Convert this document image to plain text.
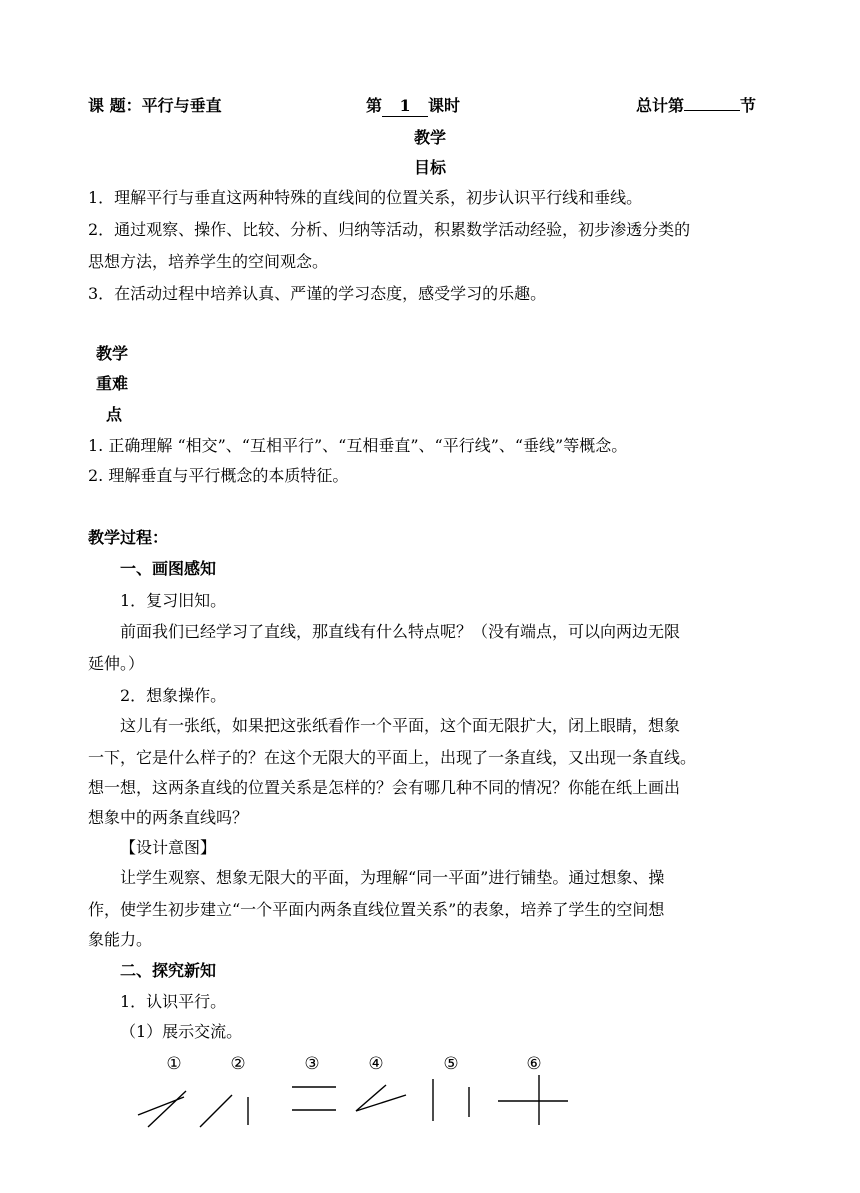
课 题：平行与垂直	第 1 课时	总计第	节
教学
目标
1．理解平行与垂直这两种特殊的直线间的位置关系，初步认识平行线和垂线。
2．通过观察、操作、比较、分析、归纳等活动，积累数学活动经验，初步渗透分类的
思想方法，培养学生的空间观念。
3．在活动过程中培养认真、严谨的学习态度，感受学习的乐趣。
教学
重难
点
1. 正确理解 “相交”、“互相平行”、“互相垂直”、“平行线”、“垂线”等概念。
2. 理解垂直与平行概念的本质特征。
教学过程：
一、画图感知
1．复习旧知。
前面我们已经学习了直线，那直线有什么特点呢？（没有端点，可以向两边无限
延伸。）
2．想象操作。
这儿有一张纸，如果把这张纸看作一个平面，这个面无限扩大，闭上眼睛，想象
一下，它是什么样子的？在这个无限大的平面上，出现了一条直线，又出现一条直线。
想一想，这两条直线的位置关系是怎样的？会有哪几种不同的情况？你能在纸上画出
想象中的两条直线吗？
【设计意图】
让学生观察、想象无限大的平面，为理解“同一平面”进行铺垫。通过想象、操
作，使学生初步建立“一个平面内两条直线位置关系”的表象，培养了学生的空间想
象能力。
二、探究新知
1．认识平行。
（1）展示交流。
①	②	③	④	⑤	⑥
